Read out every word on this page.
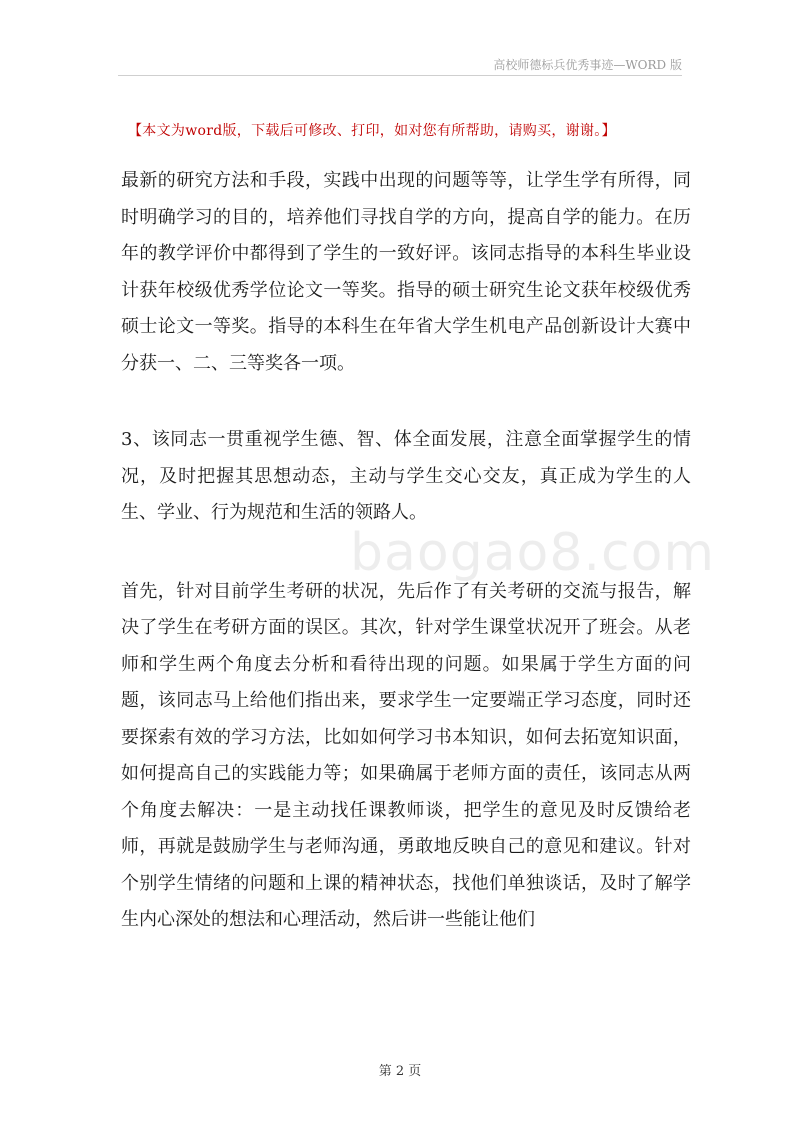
高校师德标兵优秀事迹—WORD 版
【本文为word版，下载后可修改、打印，如对您有所帮助，请购买，谢谢。】

最新的研究方法和手段，实践中出现的问题等等，让学生学有所得，同时明确学习的目的，培养他们寻找自学的方向，提高自学的能力。在历年的教学评价中都得到了学生的一致好评。该同志指导的本科生毕业设计获年校级优秀学位论文一等奖。指导的硕士研究生论文获年校级优秀硕士论文一等奖。指导的本科生在年省大学生机电产品创新设计大赛中分获一、二、三等奖各一项。

3、该同志一贯重视学生德、智、体全面发展，注意全面掌握学生的情况，及时把握其思想动态，主动与学生交心交友，真正成为学生的人生、学业、行为规范和生活的领路人。

首先，针对目前学生考研的状况，先后作了有关考研的交流与报告，解决了学生在考研方面的误区。其次，针对学生课堂状况开了班会。从老师和学生两个角度去分析和看待出现的问题。如果属于学生方面的问题，该同志马上给他们指出来，要求学生一定要端正学习态度，同时还要探索有效的学习方法，比如如何学习书本知识，如何去拓宽知识面，如何提高自己的实践能力等；如果确属于老师方面的责任，该同志从两个角度去解决：一是主动找任课教师谈，把学生的意见及时反馈给老师，再就是鼓励学生与老师沟通，勇敢地反映自己的意见和建议。针对个别学生情绪的问题和上课的精神状态，找他们单独谈话，及时了解学生内心深处的想法和心理活动，然后讲一些能让他们

baogao8.com
第 2 页
